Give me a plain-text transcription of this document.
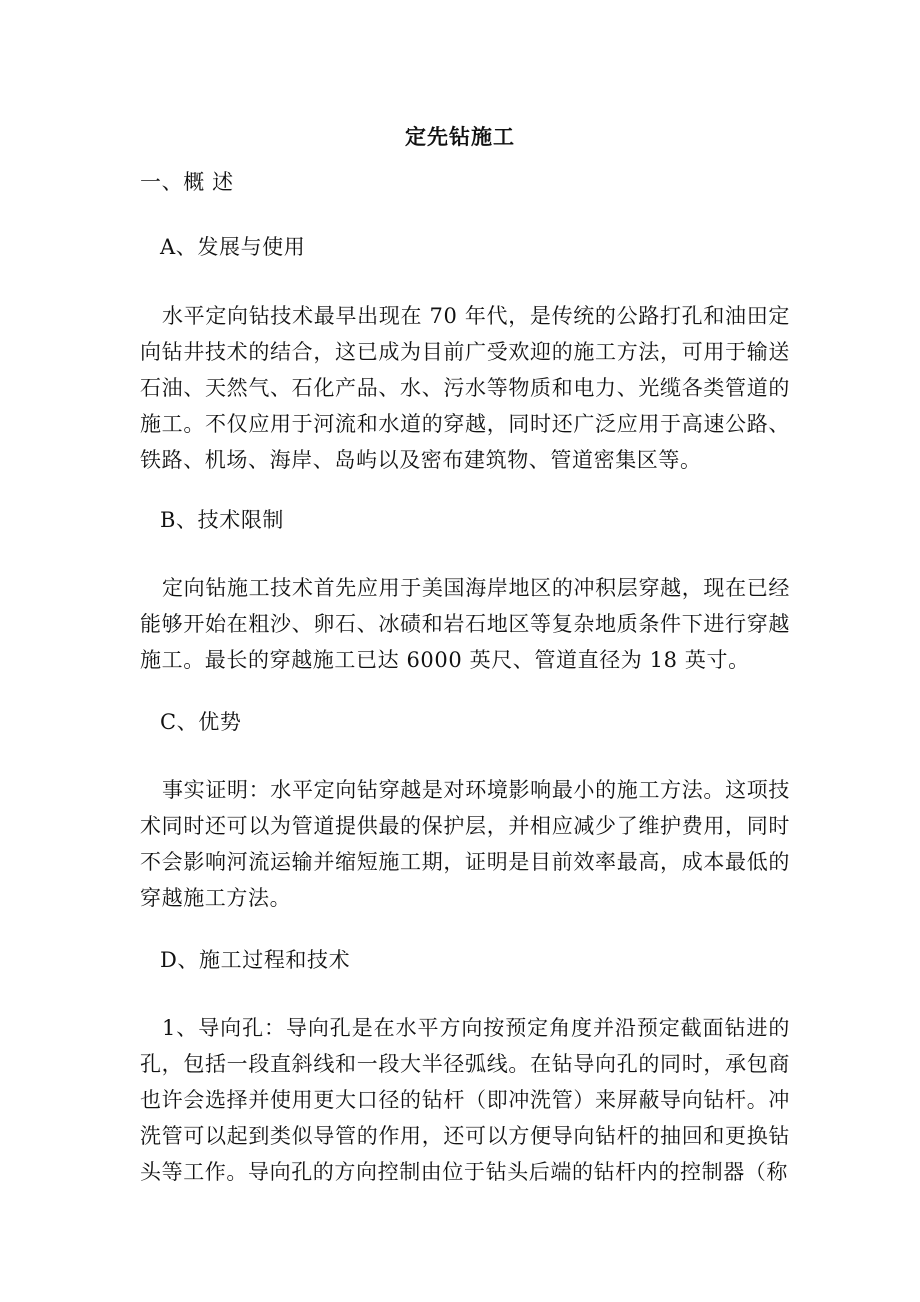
定先钻施工
一、概 述
A、发展与使用
水平定向钻技术最早出现在 70 年代，是传统的公路打孔和油田定向钻井技术的结合，这已成为目前广受欢迎的施工方法，可用于输送石油、天然气、石化产品、水、污水等物质和电力、光缆各类管道的施工。不仅应用于河流和水道的穿越，同时还广泛应用于高速公路、铁路、机场、海岸、岛屿以及密布建筑物、管道密集区等。
B、技术限制
定向钻施工技术首先应用于美国海岸地区的冲积层穿越，现在已经能够开始在粗沙、卵石、冰碛和岩石地区等复杂地质条件下进行穿越施工。最长的穿越施工已达 6000 英尺、管道直径为 18 英寸。
C、优势
事实证明：水平定向钻穿越是对环境影响最小的施工方法。这项技术同时还可以为管道提供最的保护层，并相应减少了维护费用，同时不会影响河流运输并缩短施工期，证明是目前效率最高，成本最低的穿越施工方法。
D、施工过程和技术
1、导向孔：导向孔是在水平方向按预定角度并沿预定截面钻进的孔，包括一段直斜线和一段大半径弧线。在钻导向孔的同时，承包商也许会选择并使用更大口径的钻杆（即冲洗管）来屏蔽导向钻杆。冲洗管可以起到类似导管的作用，还可以方便导向钻杆的抽回和更换钻头等工作。导向孔的方向控制由位于钻头后端的钻杆内的控制器（称
